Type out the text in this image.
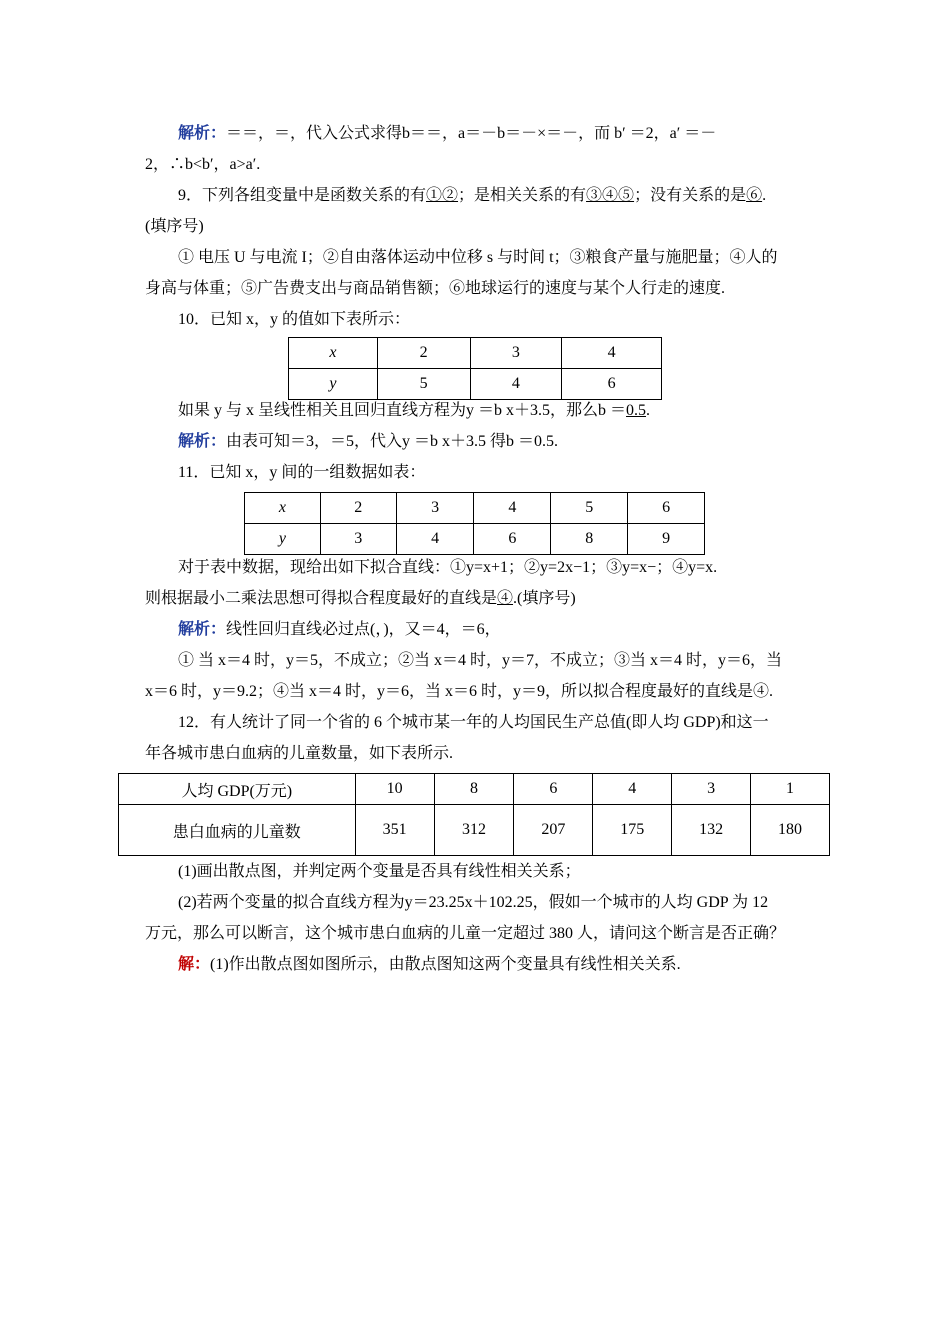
解析：＝＝，＝，代入公式求得b＝＝，a＝－b＝－×＝－，而 b′ ＝2，a′ ＝－
2，∴b<b′，a>a′.
9．下列各组变量中是函数关系的有①②；是相关关系的有③④⑤；没有关系的是⑥.
(填序号)
① 电压 U 与电流 I；②自由落体运动中位移 s 与时间 t；③粮食产量与施肥量；④人的
身高与体重；⑤广告费支出与商品销售额；⑥地球运行的速度与某个人行走的速度.
10．已知 x，y 的值如下表所示：
x	2	3	4
y	5	4	6
如果 y 与 x 呈线性相关且回归直线方程为y ＝b x＋3.5，那么b ＝0.5.
解析：由表可知＝3，＝5，代入y ＝b x＋3.5 得b ＝0.5.
11．已知 x，y 间的一组数据如表：
x	2	3	4	5	6
y	3	4	6	8	9
对于表中数据，现给出如下拟合直线：①y=x+1；②y=2x−1；③y=x−；④y=x.
则根据最小二乘法思想可得拟合程度最好的直线是④.(填序号)
解析：线性回归直线必过点(，)，又＝4，＝6，
① 当 x＝4 时，y＝5，不成立；②当 x＝4 时，y＝7，不成立；③当 x＝4 时，y＝6，当
x＝6 时，y＝9.2；④当 x＝4 时，y＝6，当 x＝6 时，y＝9，所以拟合程度最好的直线是④.
12．有人统计了同一个省的 6 个城市某一年的人均国民生产总值(即人均 GDP)和这一
年各城市患白血病的儿童数量，如下表所示.
人均 GDP(万元)	10	8	6	4	3	1
患白血病的儿童数	351	312	207	175	132	180
(1)画出散点图，并判定两个变量是否具有线性相关关系；
(2)若两个变量的拟合直线方程为y＝23.25x＋102.25，假如一个城市的人均 GDP 为 12
万元，那么可以断言，这个城市患白血病的儿童一定超过 380 人，请问这个断言是否正确？
解：(1)作出散点图如图所示，由散点图知这两个变量具有线性相关关系.
